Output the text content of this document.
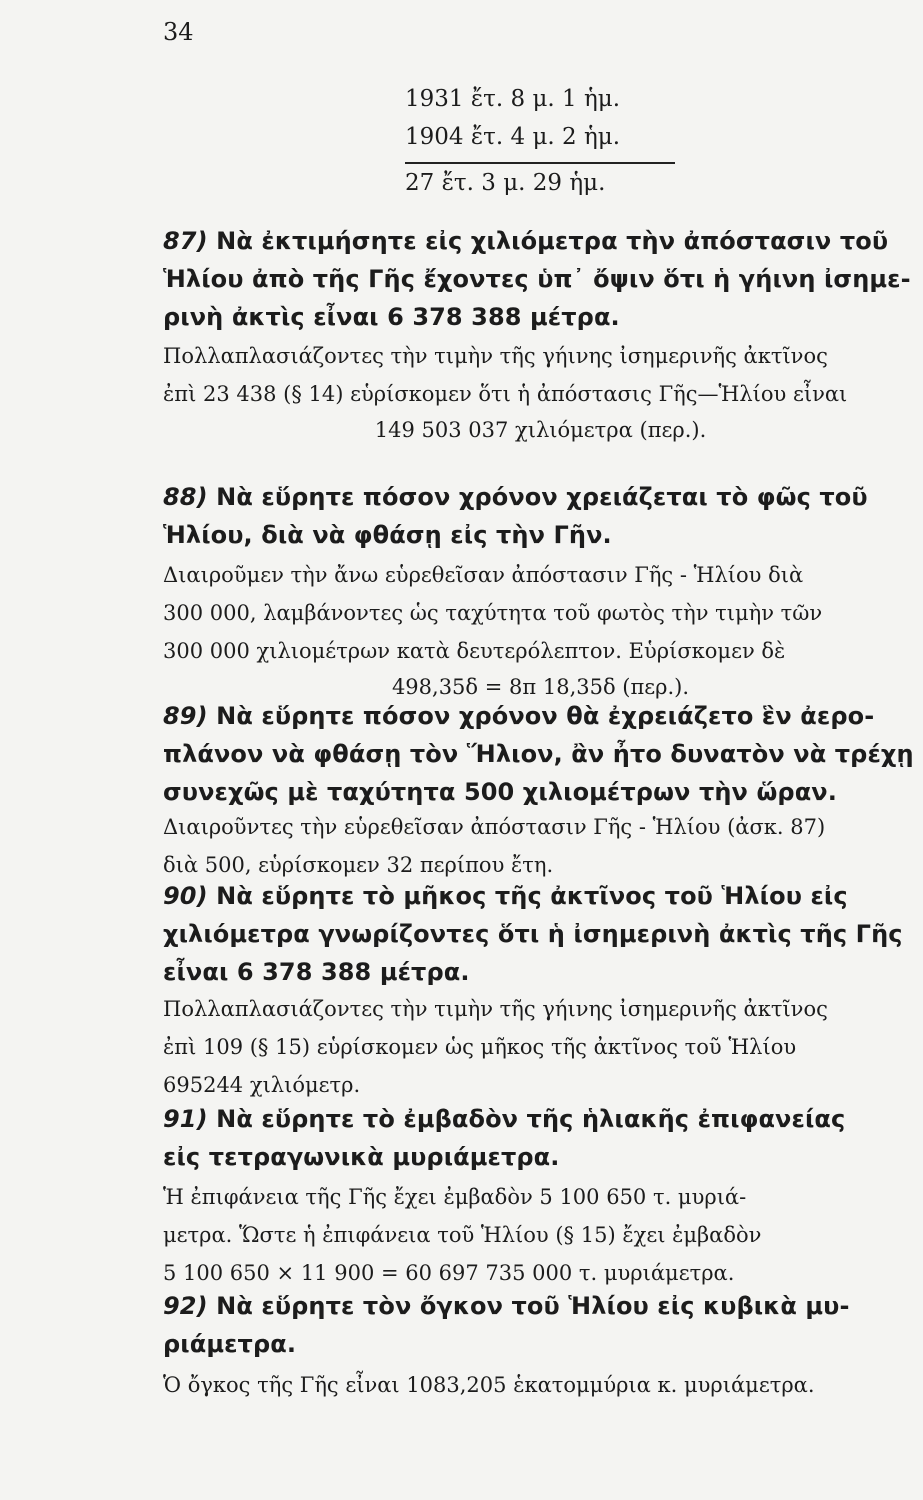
34
1931 ἔτ. 8 μ. 1 ἡμ.
1904 ἔτ. 4 μ. 2 ἡμ.
27 ἔτ. 3 μ. 29 ἡμ.
87) Νὰ ἐκτιμήσητε εἰς χιλιόμετρα τὴν ἀπόστασιν τοῦ
Ἡλίου ἀπὸ τῆς Γῆς ἔχοντες ὑπ᾽ ὄψιν ὅτι ἡ γήινη ἰσημε-
ρινὴ ἀκτὶς εἶναι 6 378 388 μέτρα.
Πολλαπλασιάζοντες τὴν τιμὴν τῆς γήινης ἰσημερινῆς ἀκτῖνος
ἐπὶ 23 438 (§ 14) εὑρίσκομεν ὅτι ἡ ἀπόστασις Γῆς—Ἡλίου εἶναι
149 503 037 χιλιόμετρα (περ.).
88) Νὰ εὕρητε πόσον χρόνον χρειάζεται τὸ φῶς τοῦ
Ἡλίου, διὰ νὰ φθάσῃ εἰς τὴν Γῆν.
Διαιροῦμεν τὴν ἄνω εὑρεθεῖσαν ἀπόστασιν Γῆς - Ἡλίου διὰ
300 000, λαμβάνοντες ὡς ταχύτητα τοῦ φωτὸς τὴν τιμὴν τῶν
300 000 χιλιομέτρων κατὰ δευτερόλεπτον. Εὑρίσκομεν δὲ
498,35δ = 8π 18,35δ (περ.).
89) Νὰ εὕρητε πόσον χρόνον θὰ ἐχρειάζετο ἓν ἀερο-
πλάνον νὰ φθάσῃ τὸν Ἥλιον, ἂν ἦτο δυνατὸν νὰ τρέχῃ
συνεχῶς μὲ ταχύτητα 500 χιλιομέτρων τὴν ὥραν.
Διαιροῦντες τὴν εὑρεθεῖσαν ἀπόστασιν Γῆς - Ἡλίου (ἀσκ. 87)
διὰ 500, εὑρίσκομεν 32 περίπου ἔτη.
90) Νὰ εὕρητε τὸ μῆκος τῆς ἀκτῖνος τοῦ Ἡλίου εἰς
χιλιόμετρα γνωρίζοντες ὅτι ἡ ἰσημερινὴ ἀκτὶς τῆς Γῆς
εἶναι 6 378 388 μέτρα.
Πολλαπλασιάζοντες τὴν τιμὴν τῆς γήινης ἰσημερινῆς ἀκτῖνος
ἐπὶ 109 (§ 15) εὑρίσκομεν ὡς μῆκος τῆς ἀκτῖνος τοῦ Ἡλίου
695244 χιλιόμετρ.
91) Νὰ εὕρητε τὸ ἐμβαδὸν τῆς ἡλιακῆς ἐπιφανείας
εἰς τετραγωνικὰ μυριάμετρα.
Ἡ ἐπιφάνεια τῆς Γῆς ἔχει ἐμβαδὸν 5 100 650 τ. μυριά-
μετρα. Ὥστε ἡ ἐπιφάνεια τοῦ Ἡλίου (§ 15) ἔχει ἐμβαδὸν
5 100 650 × 11 900 = 60 697 735 000 τ. μυριάμετρα.
92) Νὰ εὕρητε τὸν ὄγκον τοῦ Ἡλίου εἰς κυβικὰ μυ-
ριάμετρα.
Ὁ ὄγκος τῆς Γῆς εἶναι 1083,205 ἑκατομμύρια κ. μυριάμετρα.
